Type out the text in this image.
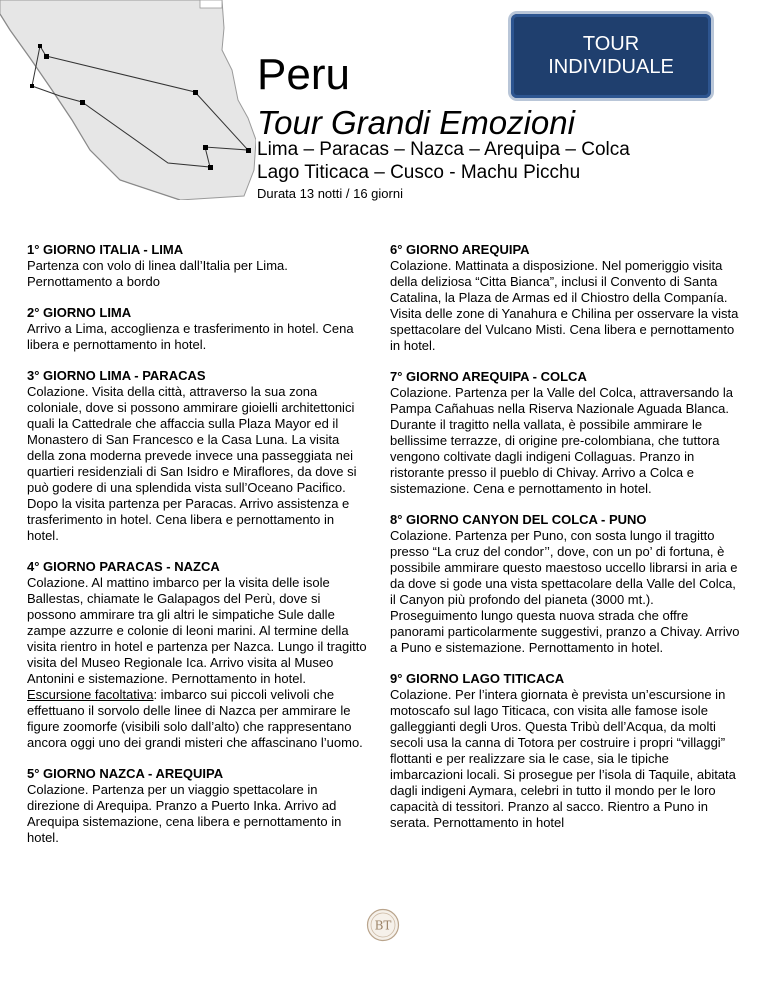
TOUR
INDIVIDUALE
Peru
Tour Grandi Emozioni
Lima – Paracas – Nazca – Arequipa – Colca
Lago Titicaca – Cusco - Machu Picchu
Durata 13 notti / 16 giorni
1° GIORNO ITALIA - LIMA

Partenza con volo di linea dall’Italia per Lima. Pernottamento a bordo

2° GIORNO LIMA

Arrivo a Lima, accoglienza e trasferimento in hotel. Cena libera e pernottamento in hotel.

3° GIORNO LIMA - PARACAS

Colazione. Visita della città, attraverso la sua zona coloniale, dove si possono ammirare gioielli architettonici quali la Cattedrale che affaccia sulla Plaza Mayor ed il Monastero di San Francesco e la Casa Luna. La visita della zona moderna prevede invece una passeggiata nei quartieri residenziali di San Isidro e Miraflores, da dove si può godere di una splendida vista sull’Oceano Pacifico. Dopo la visita partenza per Paracas. Arrivo assistenza e trasferimento in hotel. Cena libera e pernottamento in hotel.

4° GIORNO PARACAS - NAZCA

Colazione. Al mattino imbarco per la visita delle isole Ballestas, chiamate le Galapagos del Perù, dove si possono ammirare tra gli altri le simpatiche Sule dalle zampe azzurre e colonie di leoni marini. Al termine della visita rientro in hotel e partenza per Nazca. Lungo il tragitto visita del Museo Regionale Ica. Arrivo visita al Museo Antonini e sistemazione. Pernottamento in hotel. Escursione facoltativa: imbarco sui piccoli velivoli che effettuano il sorvolo delle linee di Nazca per ammirare le figure zoomorfe (visibili solo dall’alto) che rappresentano ancora oggi uno dei grandi misteri che affascinano l’uomo.

5° GIORNO NAZCA - AREQUIPA

Colazione. Partenza per un viaggio spettacolare in direzione di Arequipa. Pranzo a Puerto Inka. Arrivo ad Arequipa sistemazione, cena libera e pernottamento in hotel.

6° GIORNO AREQUIPA

Colazione. Mattinata a disposizione. Nel pomeriggio visita della deliziosa “Citta Bianca”, inclusi il Convento di Santa Catalina, la Plaza de Armas ed il Chiostro della Companía. Visita delle zone di Yanahura e Chilina per osservare la vista spettacolare del Vulcano Misti. Cena libera e pernottamento in hotel.

7° GIORNO AREQUIPA - COLCA

Colazione. Partenza per la Valle del Colca, attraversando la Pampa Cañahuas nella Riserva Nazionale Aguada Blanca. Durante il tragitto nella vallata, è possibile ammirare le bellissime terrazze, di origine pre-colombiana, che tuttora vengono coltivate dagli indigeni Collaguas. Pranzo in ristorante presso il pueblo di Chivay. Arrivo a Colca e sistemazione. Cena e pernottamento in hotel.

8° GIORNO CANYON DEL COLCA - PUNO

Colazione. Partenza per Puno, con sosta lungo il tragitto presso “La cruz del condor’’, dove, con un po’ di fortuna, è possibile ammirare questo maestoso uccello librarsi in aria e da dove si gode una vista spettacolare della Valle del Colca, il Canyon più profondo del pianeta (3000 mt.). Proseguimento lungo questa nuova strada che offre panorami particolarmente suggestivi, pranzo a Chivay. Arrivo a Puno e sistemazione. Pernottamento in hotel.

9° GIORNO LAGO TITICACA

Colazione. Per l’intera giornata è prevista un’escursione in motoscafo sul lago Titicaca, con visita alle famose isole galleggianti degli Uros. Questa Tribù dell’Acqua, da molti secoli usa la canna di Totora per costruire i propri “villaggi” flottanti e per realizzare sia le case, sia le tipiche imbarcazioni locali. Si prosegue per l’isola di Taquile, abitata dagli indigeni Aymara, celebri in tutto il mondo per le loro capacità di tessitori. Pranzo al sacco. Rientro a Puno in serata. Pernottamento in hotel

BT
